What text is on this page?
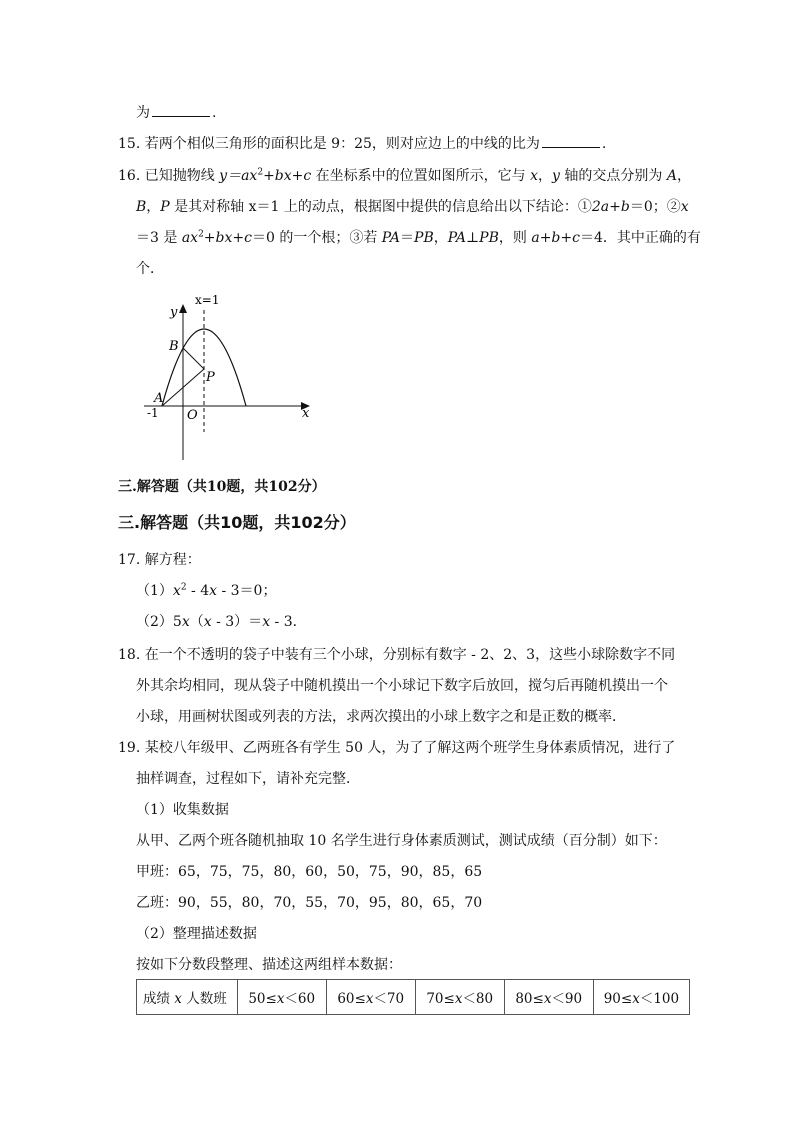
为	.
15. 若两个相似三角形的面积比是 9：25，则对应边上的中线的比为	.
16. 已知抛物线 $y=ax^2+bx+c$ 在坐标系中的位置如图所示，它与 x，y 轴的交点分别为 A，
B，P 是其对称轴 x＝1 上的动点，根据图中提供的信息给出以下结论：①2a+b＝0；②x
＝3 是 $ax^2+bx+c=0$ 的一个根；③若 PA＝PB，PA⊥PB，则 a+b+c＝4．其中正确的有
个．
x=1
y
B
P
A
-1 O	x
三.解答题（共10题，共102分）
三.解答题（共10题，共102分）
17. 解方程：
$(1)x^2 - 4x - 3=0$；
（2）5x（x - 3）＝x - 3．
18. 在一个不透明的袋子中装有三个小球，分别标有数字 - 2、2、3，这些小球除数字不同
外其余均相同，现从袋子中随机摸出一个小球记下数字后放回，搅匀后再随机摸出一个
小球，用画树状图或列表的方法，求两次摸出的小球上数字之和是正数的概率．
19. 某校八年级甲、乙两班各有学生 50 人，为了了解这两个班学生身体素质情况，进行了
抽样调查，过程如下，请补充完整．
（1）收集数据
从甲、乙两个班各随机抽取 10 名学生进行身体素质测试，测试成绩（百分制）如下：
甲班：65，75，75，80，60，50，75，90，85，65
乙班：90，55，80，70，55，70，95，80，65，70
（2）整理描述数据
按如下分数段整理、描述这两组样本数据：
成绩 x 人数班	50≤x＜60	60≤x＜70	70≤x＜80	80≤x＜90	90≤x＜100
